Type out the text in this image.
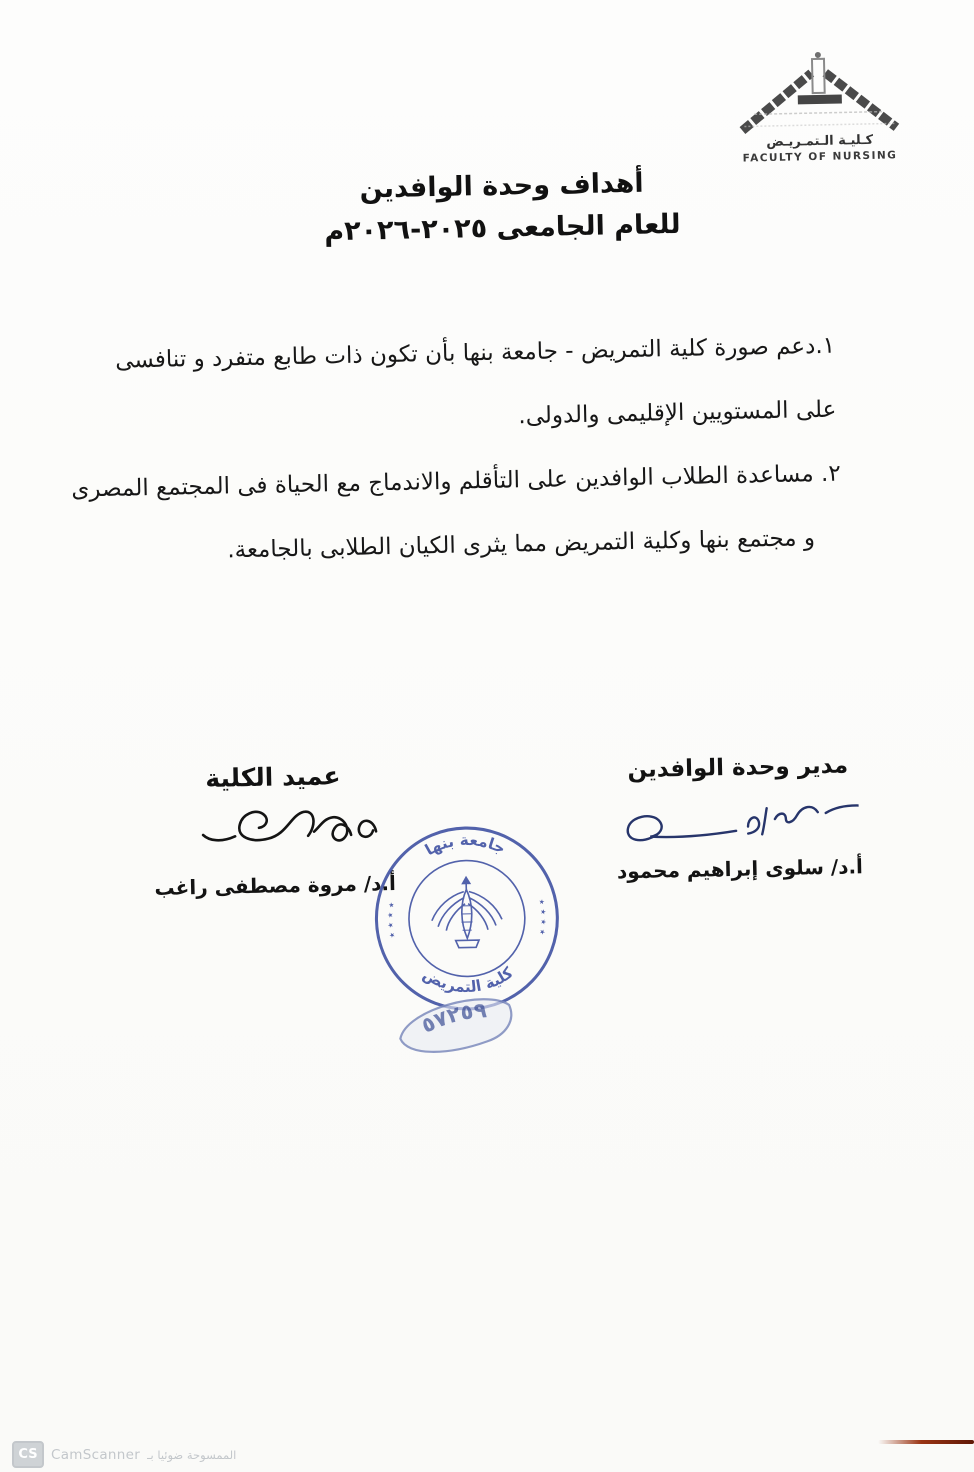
كـليـة الـتمـريـض
FACULTY OF NURSING
أهداف وحدة الوافدين
للعام الجامعى ٢٠٢٥-٢٠٢٦م
١.دعم صورة كلية التمريض - جامعة بنها بأن تكون ذات طابع متفرد و تنافسى
على المستويين الإقليمى والدولى.
٢. مساعدة الطلاب الوافدين على التأقلم والاندماج مع الحياة فى المجتمع المصرى
و مجتمع بنها وكلية التمريض مما يثرى الكيان الطلابى بالجامعة.
مدير وحدة الوافدين
أ.د/ سلوى إبراهيم محمود
عميد الكلية
أ.د/ مروة مصطفى راغب
جامعة بنها
كلية التمريض
٭ ٭ ٭ ٭	٭ ٭ ٭ ٭
٥٧٢٥٩
CS CamScanner الممسوحة ضوئيا بـ
